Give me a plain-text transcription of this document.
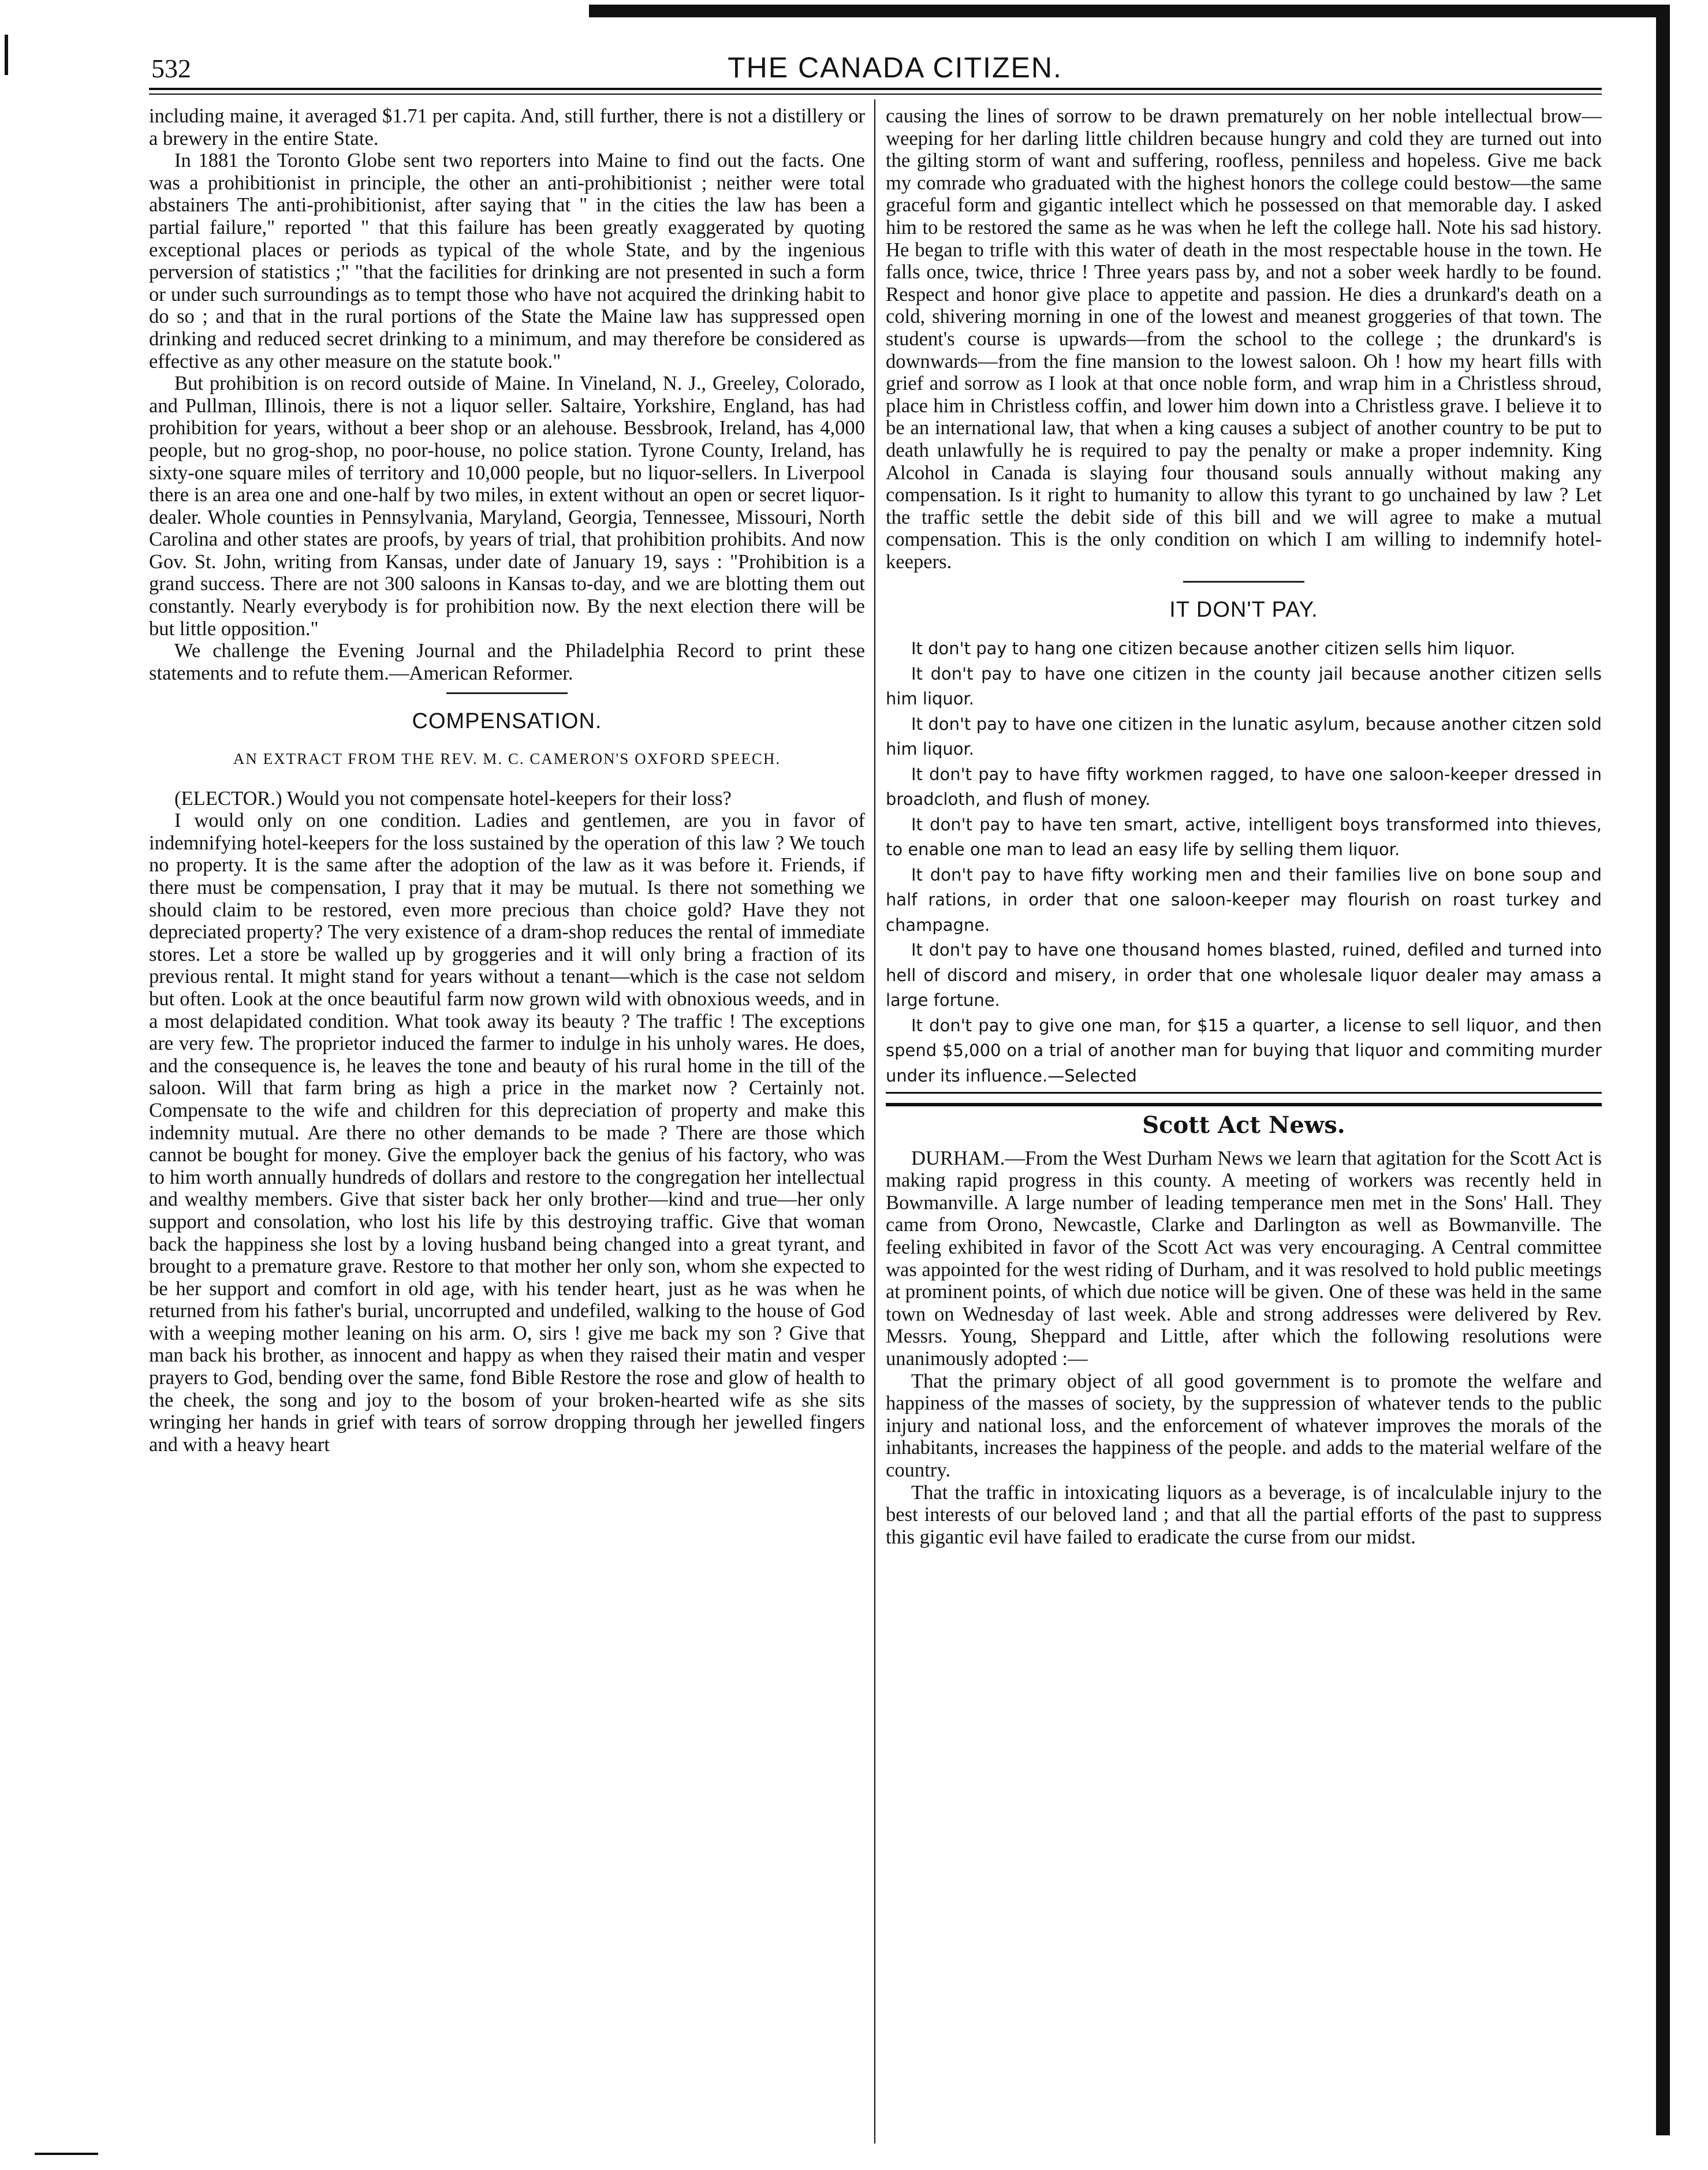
532	THE CANADA CITIZEN.

including maine, it averaged $1.71 per capita. And, still further, there is not a distillery or a brewery in the entire State.

In 1881 the Toronto Globe sent two reporters into Maine to find out the facts. One was a prohibitionist in principle, the other an anti-prohibitionist ; neither were total abstainers The anti-prohibitionist, after saying that " in the cities the law has been a partial failure," reported " that this failure has been greatly exaggerated by quoting exceptional places or periods as typical of the whole State, and by the ingenious perversion of statistics ;" "that the facilities for drinking are not presented in such a form or under such surroundings as to tempt those who have not acquired the drinking habit to do so ; and that in the rural portions of the State the Maine law has suppressed open drinking and reduced secret drinking to a minimum, and may therefore be considered as effective as any other measure on the statute book."

But prohibition is on record outside of Maine. In Vineland, N. J., Greeley, Colorado, and Pullman, Illinois, there is not a liquor seller. Saltaire, Yorkshire, England, has had prohibition for years, without a beer shop or an alehouse. Bessbrook, Ireland, has 4,000 people, but no grog-shop, no poor-house, no police station. Tyrone County, Ireland, has sixty-one square miles of territory and 10,000 people, but no liquor-sellers. In Liverpool there is an area one and one-half by two miles, in extent without an open or secret liquor-dealer. Whole counties in Pennsylvania, Maryland, Georgia, Tennessee, Missouri, North Carolina and other states are proofs, by years of trial, that prohibition prohibits. And now Gov. St. John, writing from Kansas, under date of January 19, says : "Prohibition is a grand success. There are not 300 saloons in Kansas to-day, and we are blotting them out constantly. Nearly everybody is for prohibition now. By the next election there will be but little opposition."

We challenge the Evening Journal and the Philadelphia Record to print these statements and to refute them.—American Reformer.

COMPENSATION.
AN EXTRACT FROM THE REV. M. C. CAMERON'S OXFORD SPEECH.

(ELECTOR.) Would you not compensate hotel-keepers for their loss?

I would only on one condition. Ladies and gentlemen, are you in favor of indemnifying hotel-keepers for the loss sustained by the operation of this law ? We touch no property. It is the same after the adoption of the law as it was before it. Friends, if there must be compensation, I pray that it may be mutual. Is there not something we should claim to be restored, even more precious than choice gold? Have they not depreciated property? The very existence of a dram-shop reduces the rental of immediate stores. Let a store be walled up by groggeries and it will only bring a fraction of its previous rental. It might stand for years without a tenant—which is the case not seldom but often. Look at the once beautiful farm now grown wild with obnoxious weeds, and in a most delapidated condition. What took away its beauty ? The traffic ! The exceptions are very few. The proprietor induced the farmer to indulge in his unholy wares. He does, and the consequence is, he leaves the tone and beauty of his rural home in the till of the saloon. Will that farm bring as high a price in the market now ? Certainly not. Compensate to the wife and children for this depreciation of property and make this indemnity mutual. Are there no other demands to be made ? There are those which cannot be bought for money. Give the employer back the genius of his factory, who was to him worth annually hundreds of dollars and restore to the congregation her intellectual and wealthy members. Give that sister back her only brother—kind and true—her only support and consolation, who lost his life by this destroying traffic. Give that woman back the happiness she lost by a loving husband being changed into a great tyrant, and brought to a premature grave. Restore to that mother her only son, whom she expected to be her support and comfort in old age, with his tender heart, just as he was when he returned from his father's burial, uncorrupted and undefiled, walking to the house of God with a weeping mother leaning on his arm. O, sirs ! give me back my son ? Give that man back his brother, as innocent and happy as when they raised their matin and vesper prayers to God, bending over the same, fond Bible Restore the rose and glow of health to the cheek, the song and joy to the bosom of your broken-hearted wife as she sits wringing her hands in grief with tears of sorrow dropping through her jewelled fingers and with a heavy heart

causing the lines of sorrow to be drawn prematurely on her noble intellectual brow—weeping for her darling little children because hungry and cold they are turned out into the gilting storm of want and suffering, roofless, penniless and hopeless. Give me back my comrade who graduated with the highest honors the college could bestow—the same graceful form and gigantic intellect which he possessed on that memorable day. I asked him to be restored the same as he was when he left the college hall. Note his sad history. He began to trifle with this water of death in the most respectable house in the town. He falls once, twice, thrice ! Three years pass by, and not a sober week hardly to be found. Respect and honor give place to appetite and passion. He dies a drunkard's death on a cold, shivering morning in one of the lowest and meanest groggeries of that town. The student's course is upwards—from the school to the college ; the drunkard's is downwards—from the fine mansion to the lowest saloon. Oh ! how my heart fills with grief and sorrow as I look at that once noble form, and wrap him in a Christless shroud, place him in Christless coffin, and lower him down into a Christless grave. I believe it to be an international law, that when a king causes a subject of another country to be put to death unlawfully he is required to pay the penalty or make a proper indemnity. King Alcohol in Canada is slaying four thousand souls annually without making any compensation. Is it right to humanity to allow this tyrant to go unchained by law ? Let the traffic settle the debit side of this bill and we will agree to make a mutual compensation. This is the only condition on which I am willing to indemnify hotel-keepers.

IT DON'T PAY.

It don't pay to hang one citizen because another citizen sells him liquor.

It don't pay to have one citizen in the county jail because another citizen sells him liquor.

It don't pay to have one citizen in the lunatic asylum, because another citzen sold him liquor.

It don't pay to have fifty workmen ragged, to have one saloon-keeper dressed in broadcloth, and flush of money.

It don't pay to have ten smart, active, intelligent boys transformed into thieves, to enable one man to lead an easy life by selling them liquor.

It don't pay to have fifty working men and their families live on bone soup and half rations, in order that one saloon-keeper may flourish on roast turkey and champagne.

It don't pay to have one thousand homes blasted, ruined, defiled and turned into hell of discord and misery, in order that one wholesale liquor dealer may amass a large fortune.

It don't pay to give one man, for $15 a quarter, a license to sell liquor, and then spend $5,000 on a trial of another man for buying that liquor and commiting murder under its influence.—Selected

Scott Act News.

DURHAM.—From the West Durham News we learn that agitation for the Scott Act is making rapid progress in this county. A meeting of workers was recently held in Bowmanville. A large number of leading temperance men met in the Sons' Hall. They came from Orono, Newcastle, Clarke and Darlington as well as Bowmanville. The feeling exhibited in favor of the Scott Act was very encouraging. A Central committee was appointed for the west riding of Durham, and it was resolved to hold public meetings at prominent points, of which due notice will be given. One of these was held in the same town on Wednesday of last week. Able and strong addresses were delivered by Rev. Messrs. Young, Sheppard and Little, after which the following resolutions were unanimously adopted :—

That the primary object of all good government is to promote the welfare and happiness of the masses of society, by the suppression of whatever tends to the public injury and national loss, and the enforcement of whatever improves the morals of the inhabitants, increases the happiness of the people. and adds to the material welfare of the country.

That the traffic in intoxicating liquors as a beverage, is of incalculable injury to the best interests of our beloved land ; and that all the partial efforts of the past to suppress this gigantic evil have failed to eradicate the curse from our midst.
